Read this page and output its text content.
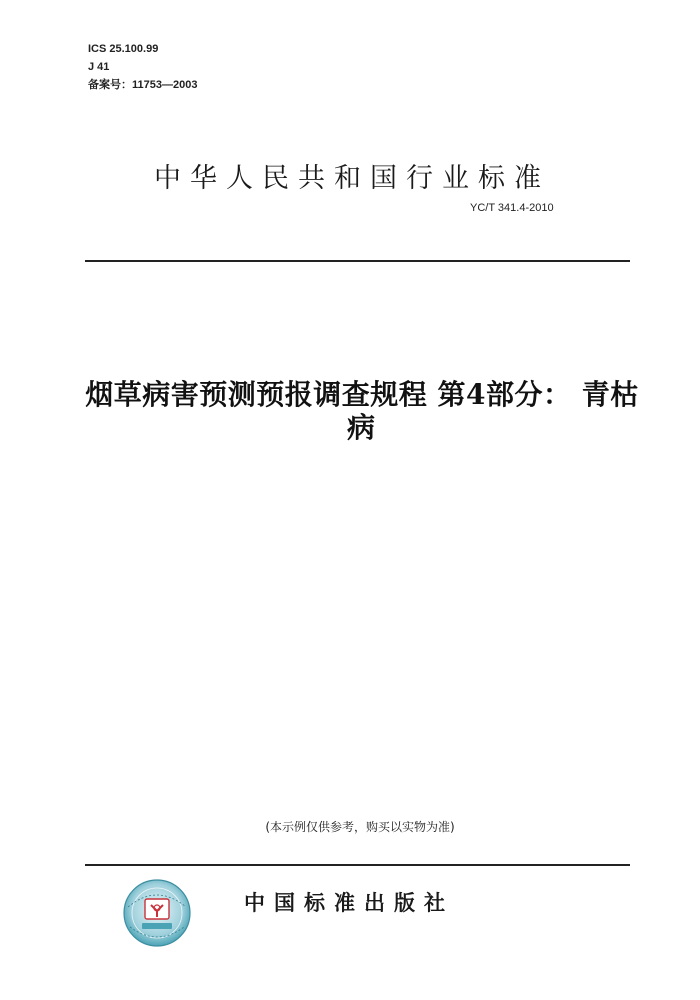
ICS 25.100.99
J 41
备案号：11753—2003
中华人民共和国行业标准
YC/T 341.4-2010
烟草病害预测预报调查规程 第4部分： 青枯
病
(本示例仅供参考，购买以实物为准)
中国标准出版社
